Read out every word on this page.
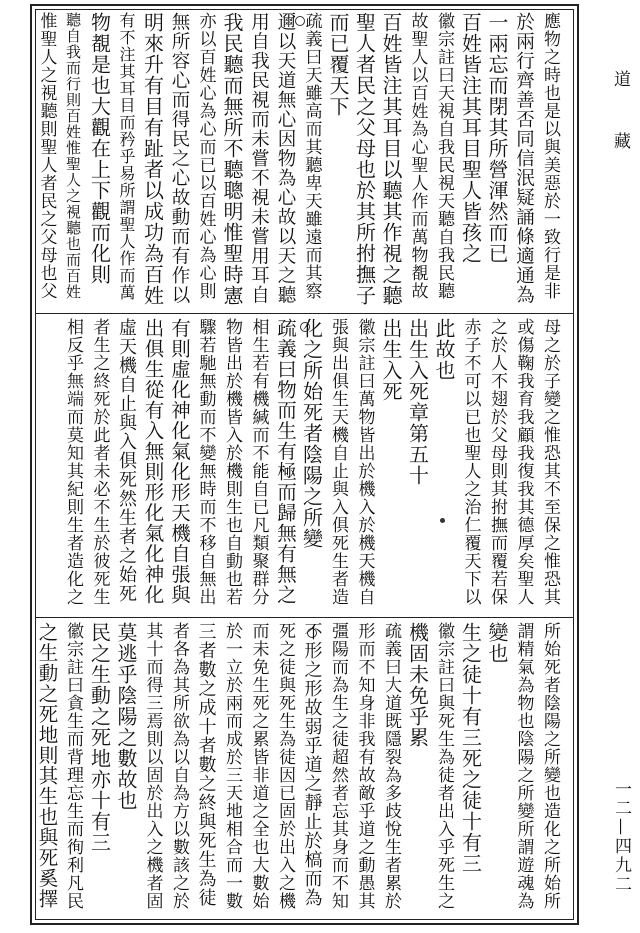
應物之時也是以與美惡於一致行是非
於兩行齊善否同信泯疑誦條適通為
一兩忘而閉其所營渾然而已
百姓皆注其耳目聖人皆孩之
徽宗註曰天視自我民視天聽自我民聽
故聖人以百姓為心聖人作而萬物覩故
百姓皆注其耳目以聽其作視之聽
聖人者民之父母也於其所拊撫子
而已覆天下
疏義曰天雖高而其聽卑天雖遠而其察
邇以天道無心因物為心故以天之聽
用自我民視而未嘗不視未嘗用耳自
我民聽而無所不聽聰明惟聖時憲
亦以百姓心為心而已以百姓心為心則
無所容心而得民之心故動而有作以
明來升有目有趾者以成功為百姓
有不注其耳目而矜乎易所謂聖人作而萬
物覩是也大觀在上下觀而化則
聽自我而行則百姓惟聖人之視聽也而百姓
惟聖人之視聽則聖人者民之父母也父
母之於子變之惟恐其不至保之惟恐其
或傷鞠我育我顧我復我其德厚矣聖人
之於人不翅於父母則其拊撫而覆若保
赤子不可以已也聖人之治仁覆天下以
此故也
出生入死章第五十
出生入死
徽宗註曰萬物皆出於機入於機天機自
張與出俱生天機自止與入俱死生者造
化之所始死者陰陽之所變
疏義曰物而生有極而歸無有無之
相生若有機緘而不能自已凡類聚群分
物皆出於機皆入於機則生也自動也若
驟若馳無動而不變無時而不移自無出
有則虛化神化氣化形天機自張與
出俱生從有入無則形化氣化神化
虛天機自止與入俱死然生者之始死
者生之終死於此者未必不生於彼死生
相反乎無端而莫知其紀則生者造化之
所始死者陰陽之所變也造化之所始所
謂精氣為物也陰陽之所變所謂遊魂為
變也
生之徒十有三死之徒十有三
徽宗註曰與死生為徒者出入乎死生之
機固未免乎累
疏義曰大道既隱裂為多歧悅生者累於
形而不知身非我有故敵乎道之動愚其
彊陽而為生之徒超然者忘其身而不知
不形之形故弱乎道之靜止於槁而為
死之徒與死生為徒因已固於出入之機
而未免生死之累皆非道之全也大數始
於一立於兩而成於三天地相合而一數
三者數之成十者數之終與死生為徒
者各為其所欲為以自為方以數該之於
其十而得三焉則以固於出入之機者固
莫逃乎陰陽之數故也
民之生動之死地亦十有三
徽宗註曰貪生而背理忘生而徇利凡民
之生動之死地則其生也與死奚擇
道　藏
一二—四九二
